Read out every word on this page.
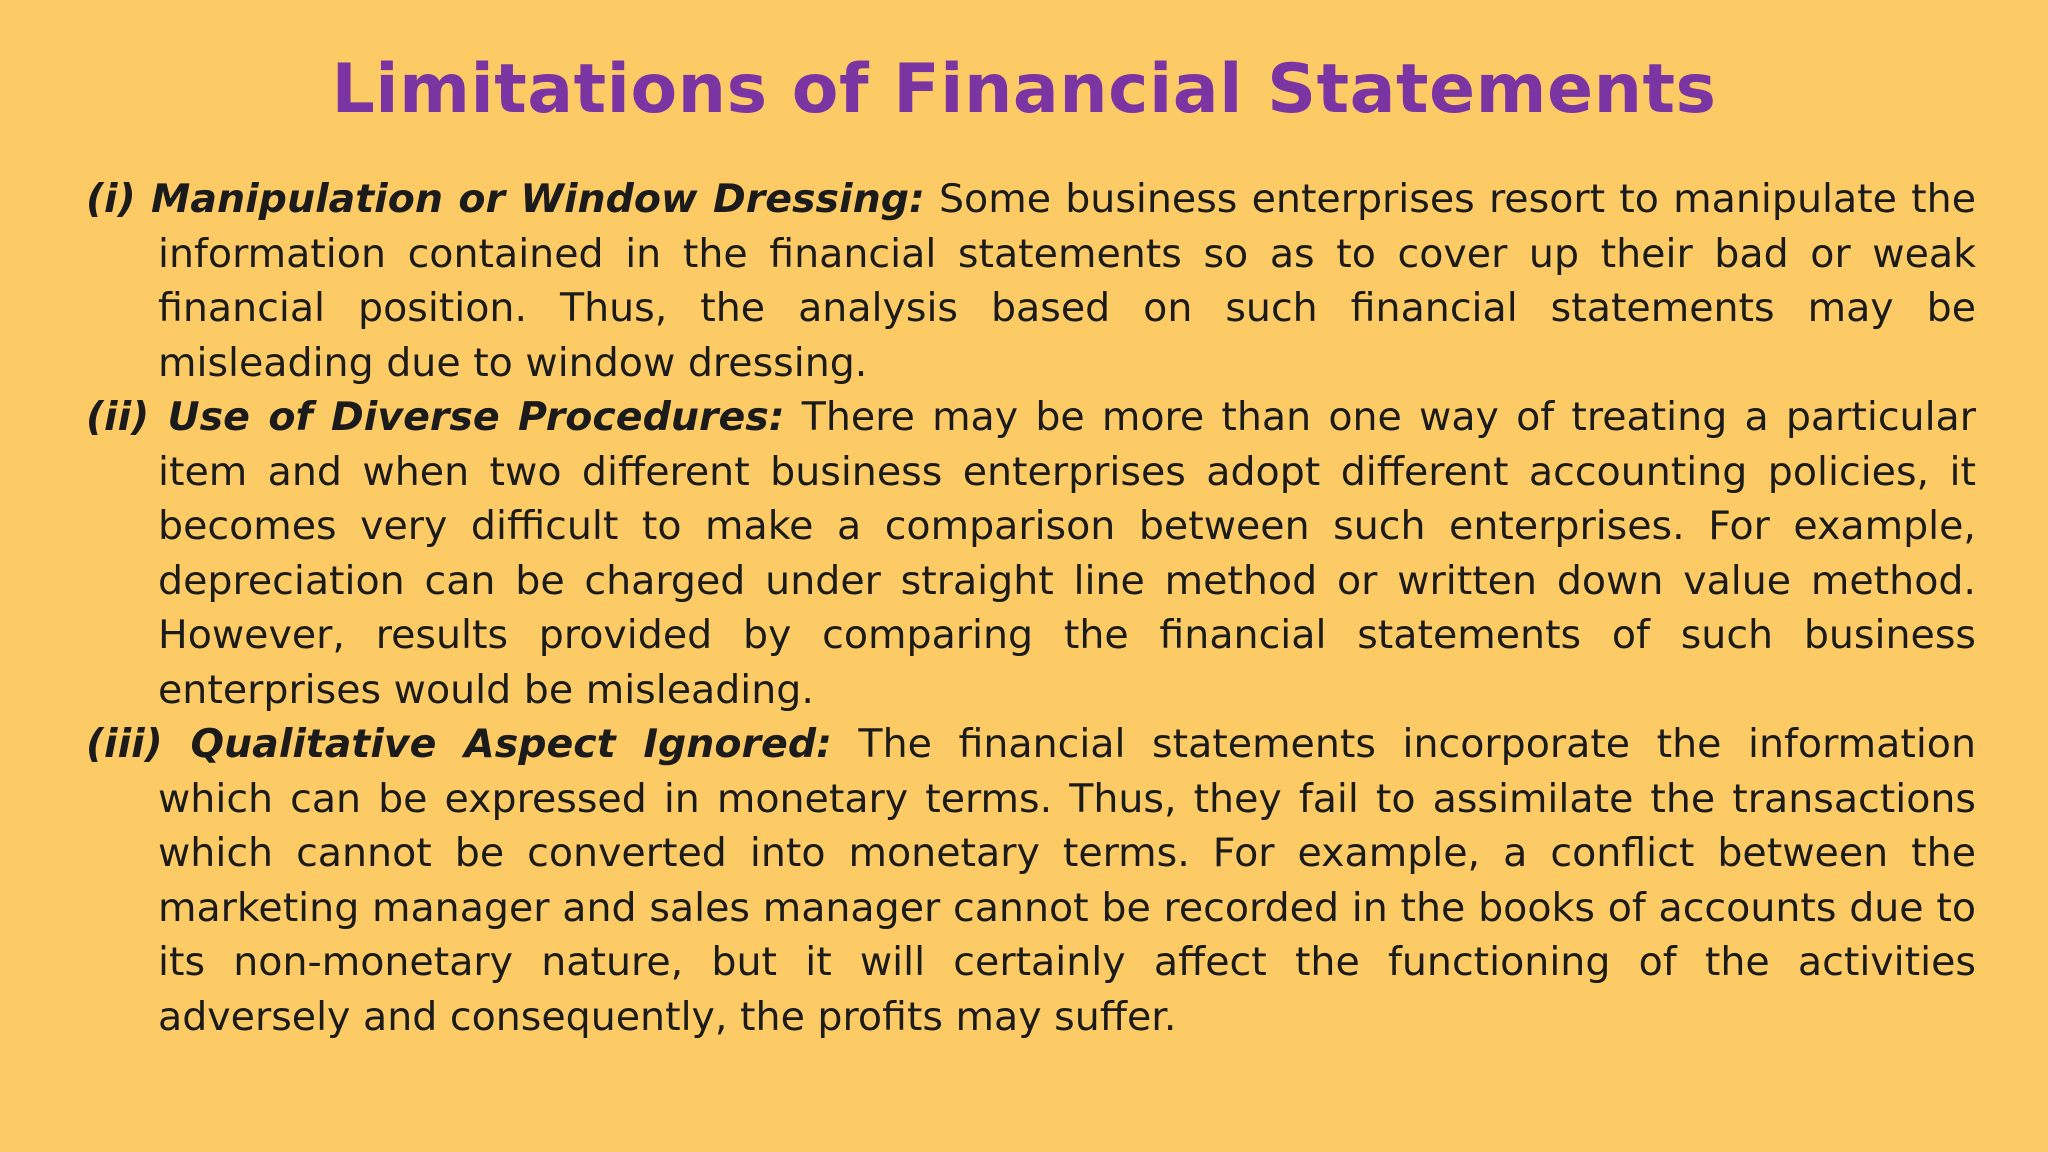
Limitations of Financial Statements
(i) Manipulation or Window Dressing: Some business enterprises resort to manipulate the information contained in the financial statements so as to cover up their bad or weak financial position. Thus, the analysis based on such financial statements may be misleading due to window dressing.
(ii) Use of Diverse Procedures: There may be more than one way of treating a particular item and when two different business enterprises adopt different accounting policies, it becomes very difficult to make a comparison between such enterprises. For example, depreciation can be charged under straight line method or written down value method. However, results provided by comparing the financial statements of such business enterprises would be misleading.
(iii) Qualitative Aspect Ignored: The financial statements incorporate the information which can be expressed in monetary terms. Thus, they fail to assimilate the transactions which cannot be converted into monetary terms. For example, a conflict between the marketing manager and sales manager cannot be recorded in the books of accounts due to its non-monetary nature, but it will certainly affect the functioning of the activities adversely and consequently, the profits may suffer.
